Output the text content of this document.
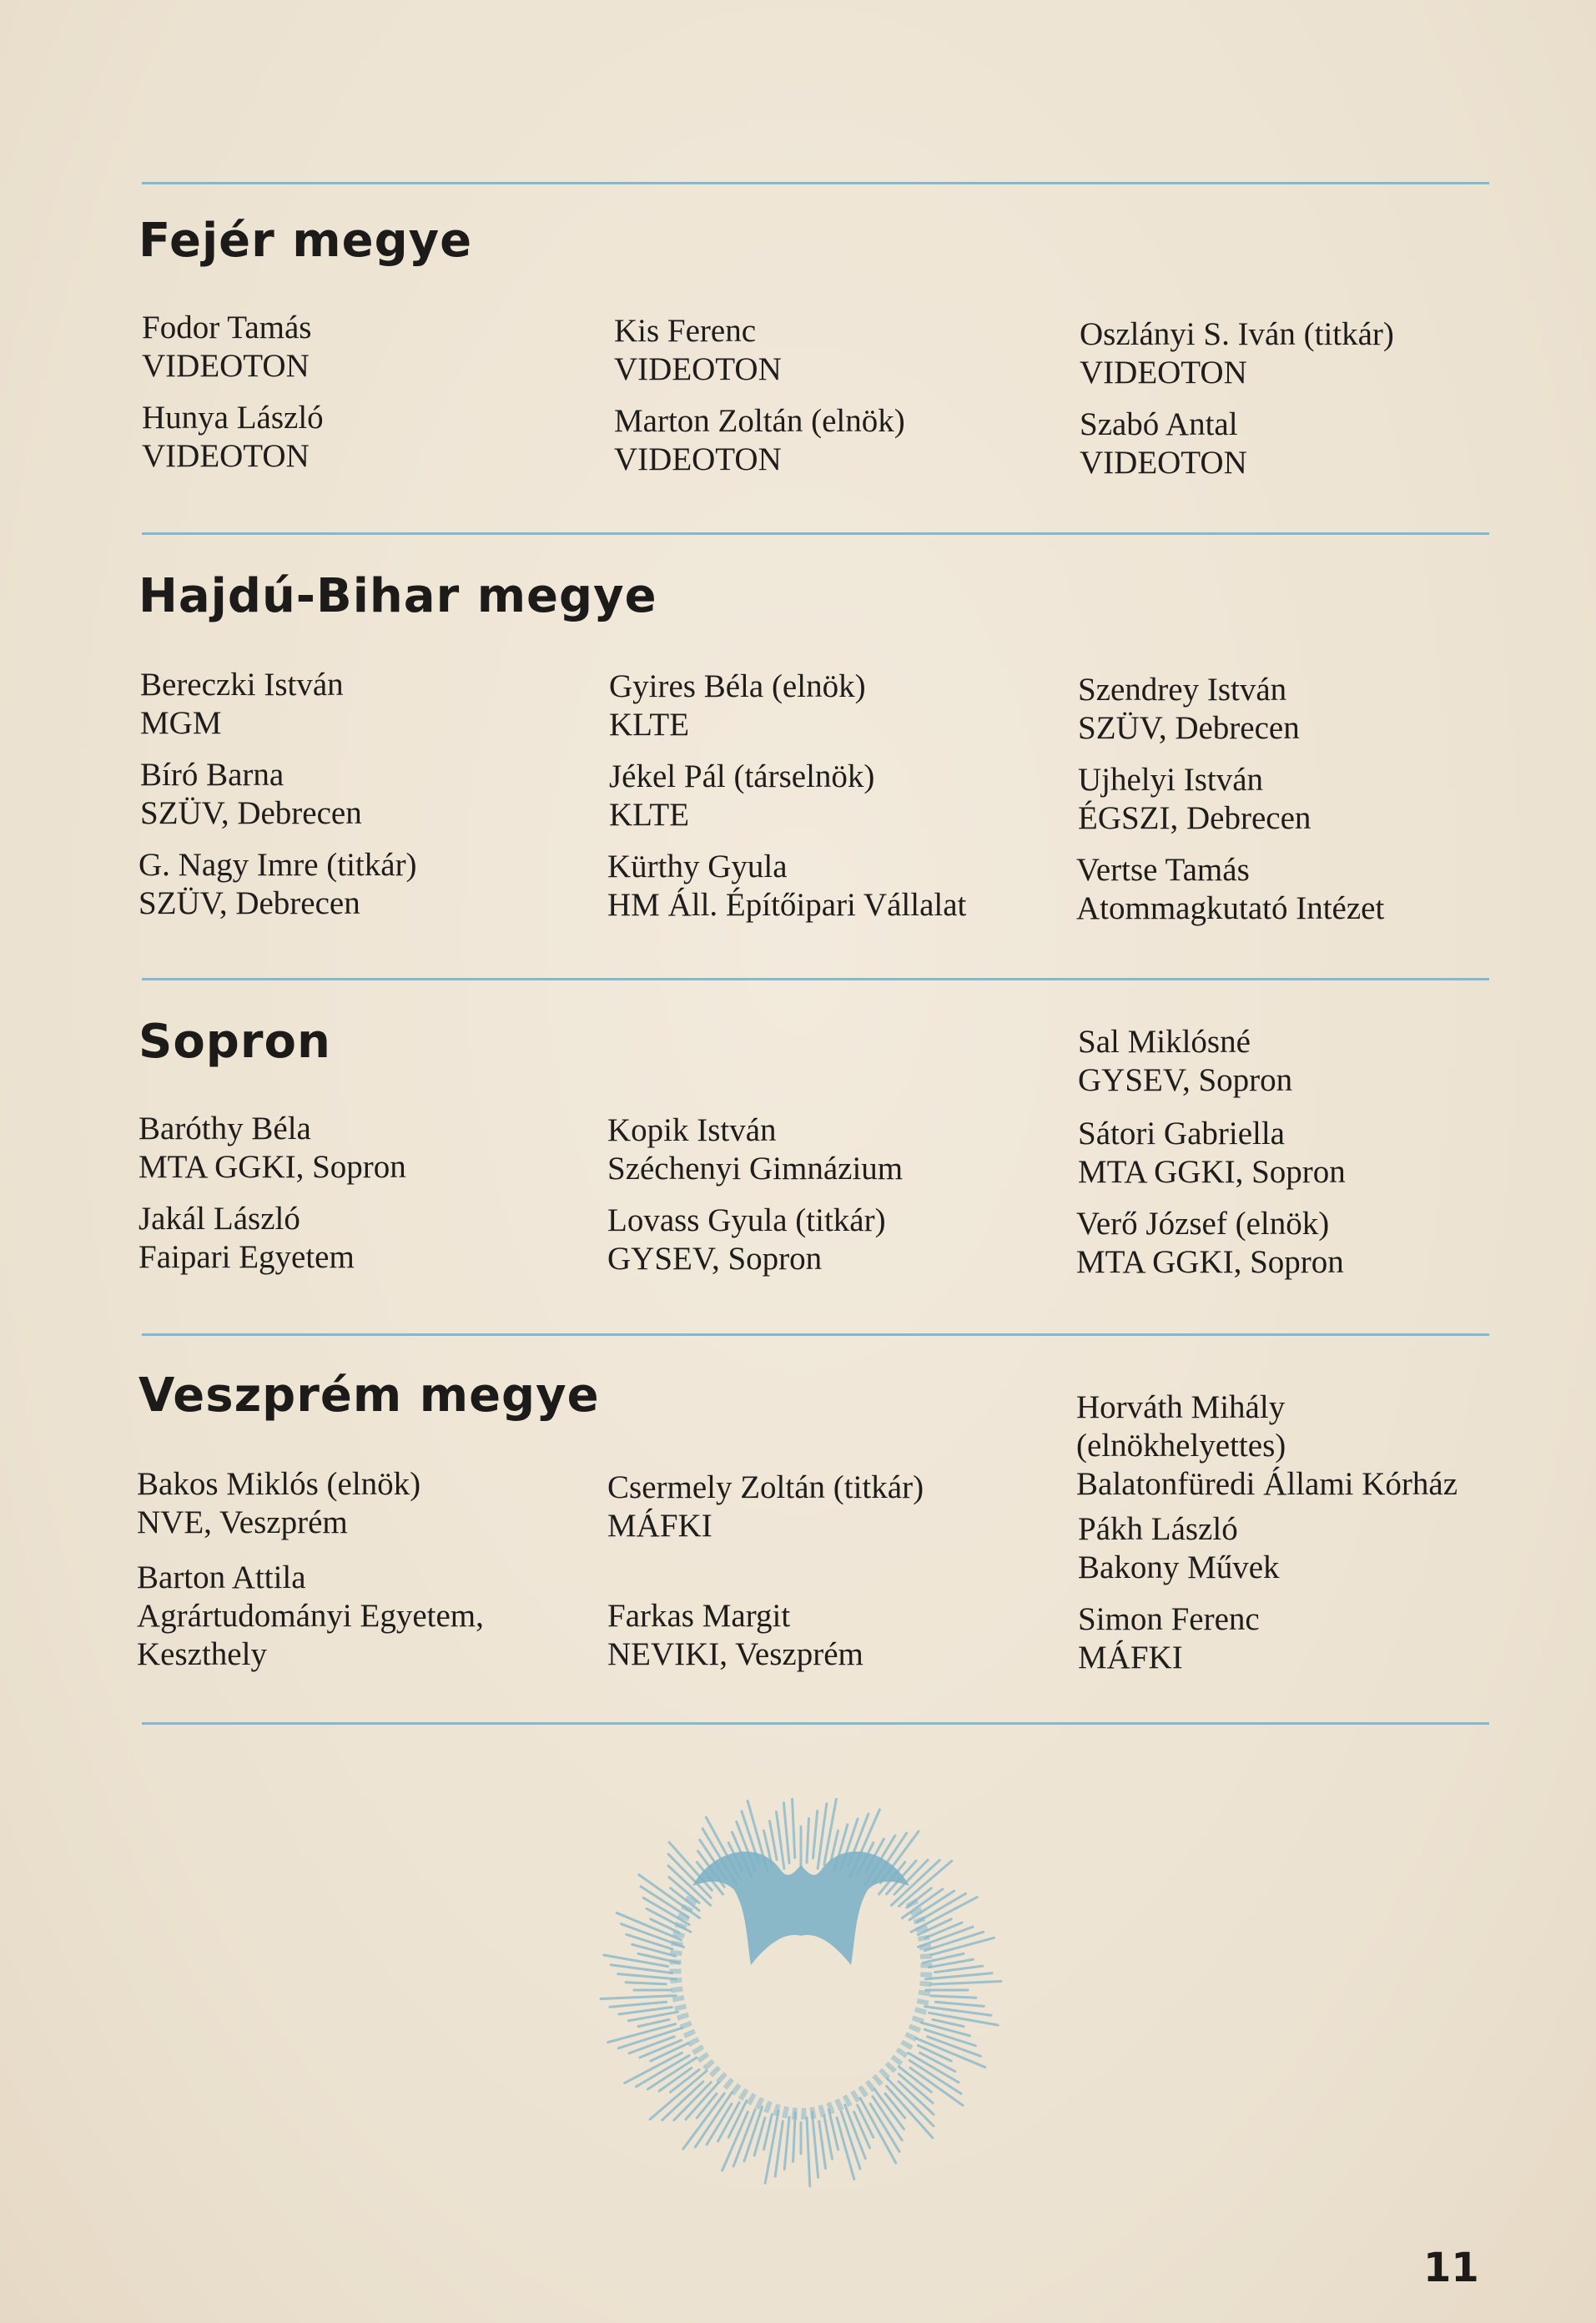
Fejér megye
Fodor Tamás
VIDEOTON
Hunya László
VIDEOTON
Kis Ferenc
VIDEOTON
Marton Zoltán (elnök)
VIDEOTON
Oszlányi S. Iván (titkár)
VIDEOTON
Szabó Antal
VIDEOTON
Hajdú-Bihar megye
Bereczki István
MGM
Bíró Barna
SZÜV, Debrecen
G. Nagy Imre (titkár)
SZÜV, Debrecen
Gyires Béla (elnök)
KLTE
Jékel Pál (társelnök)
KLTE
Kürthy Gyula
HM Áll. Építőipari Vállalat
Szendrey István
SZÜV, Debrecen
Ujhelyi István
ÉGSZI, Debrecen
Vertse Tamás
Atommagkutató Intézet
Sopron
Baróthy Béla
MTA GGKI, Sopron
Jakál László
Faipari Egyetem
Kopik István
Széchenyi Gimnázium
Lovass Gyula (titkár)
GYSEV, Sopron
Sal Miklósné
GYSEV, Sopron
Sátori Gabriella
MTA GGKI, Sopron
Verő József (elnök)
MTA GGKI, Sopron
Veszprém megye
Bakos Miklós (elnök)
NVE, Veszprém
Barton Attila
Agrártudományi Egyetem,
Keszthely
Csermely Zoltán (titkár)
MÁFKI
Farkas Margit
NEVIKI, Veszprém
Horváth Mihály
(elnökhelyettes)
Balatonfüredi Állami Kórház
Pákh László
Bakony Művek
Simon Ferenc
MÁFKI
11
